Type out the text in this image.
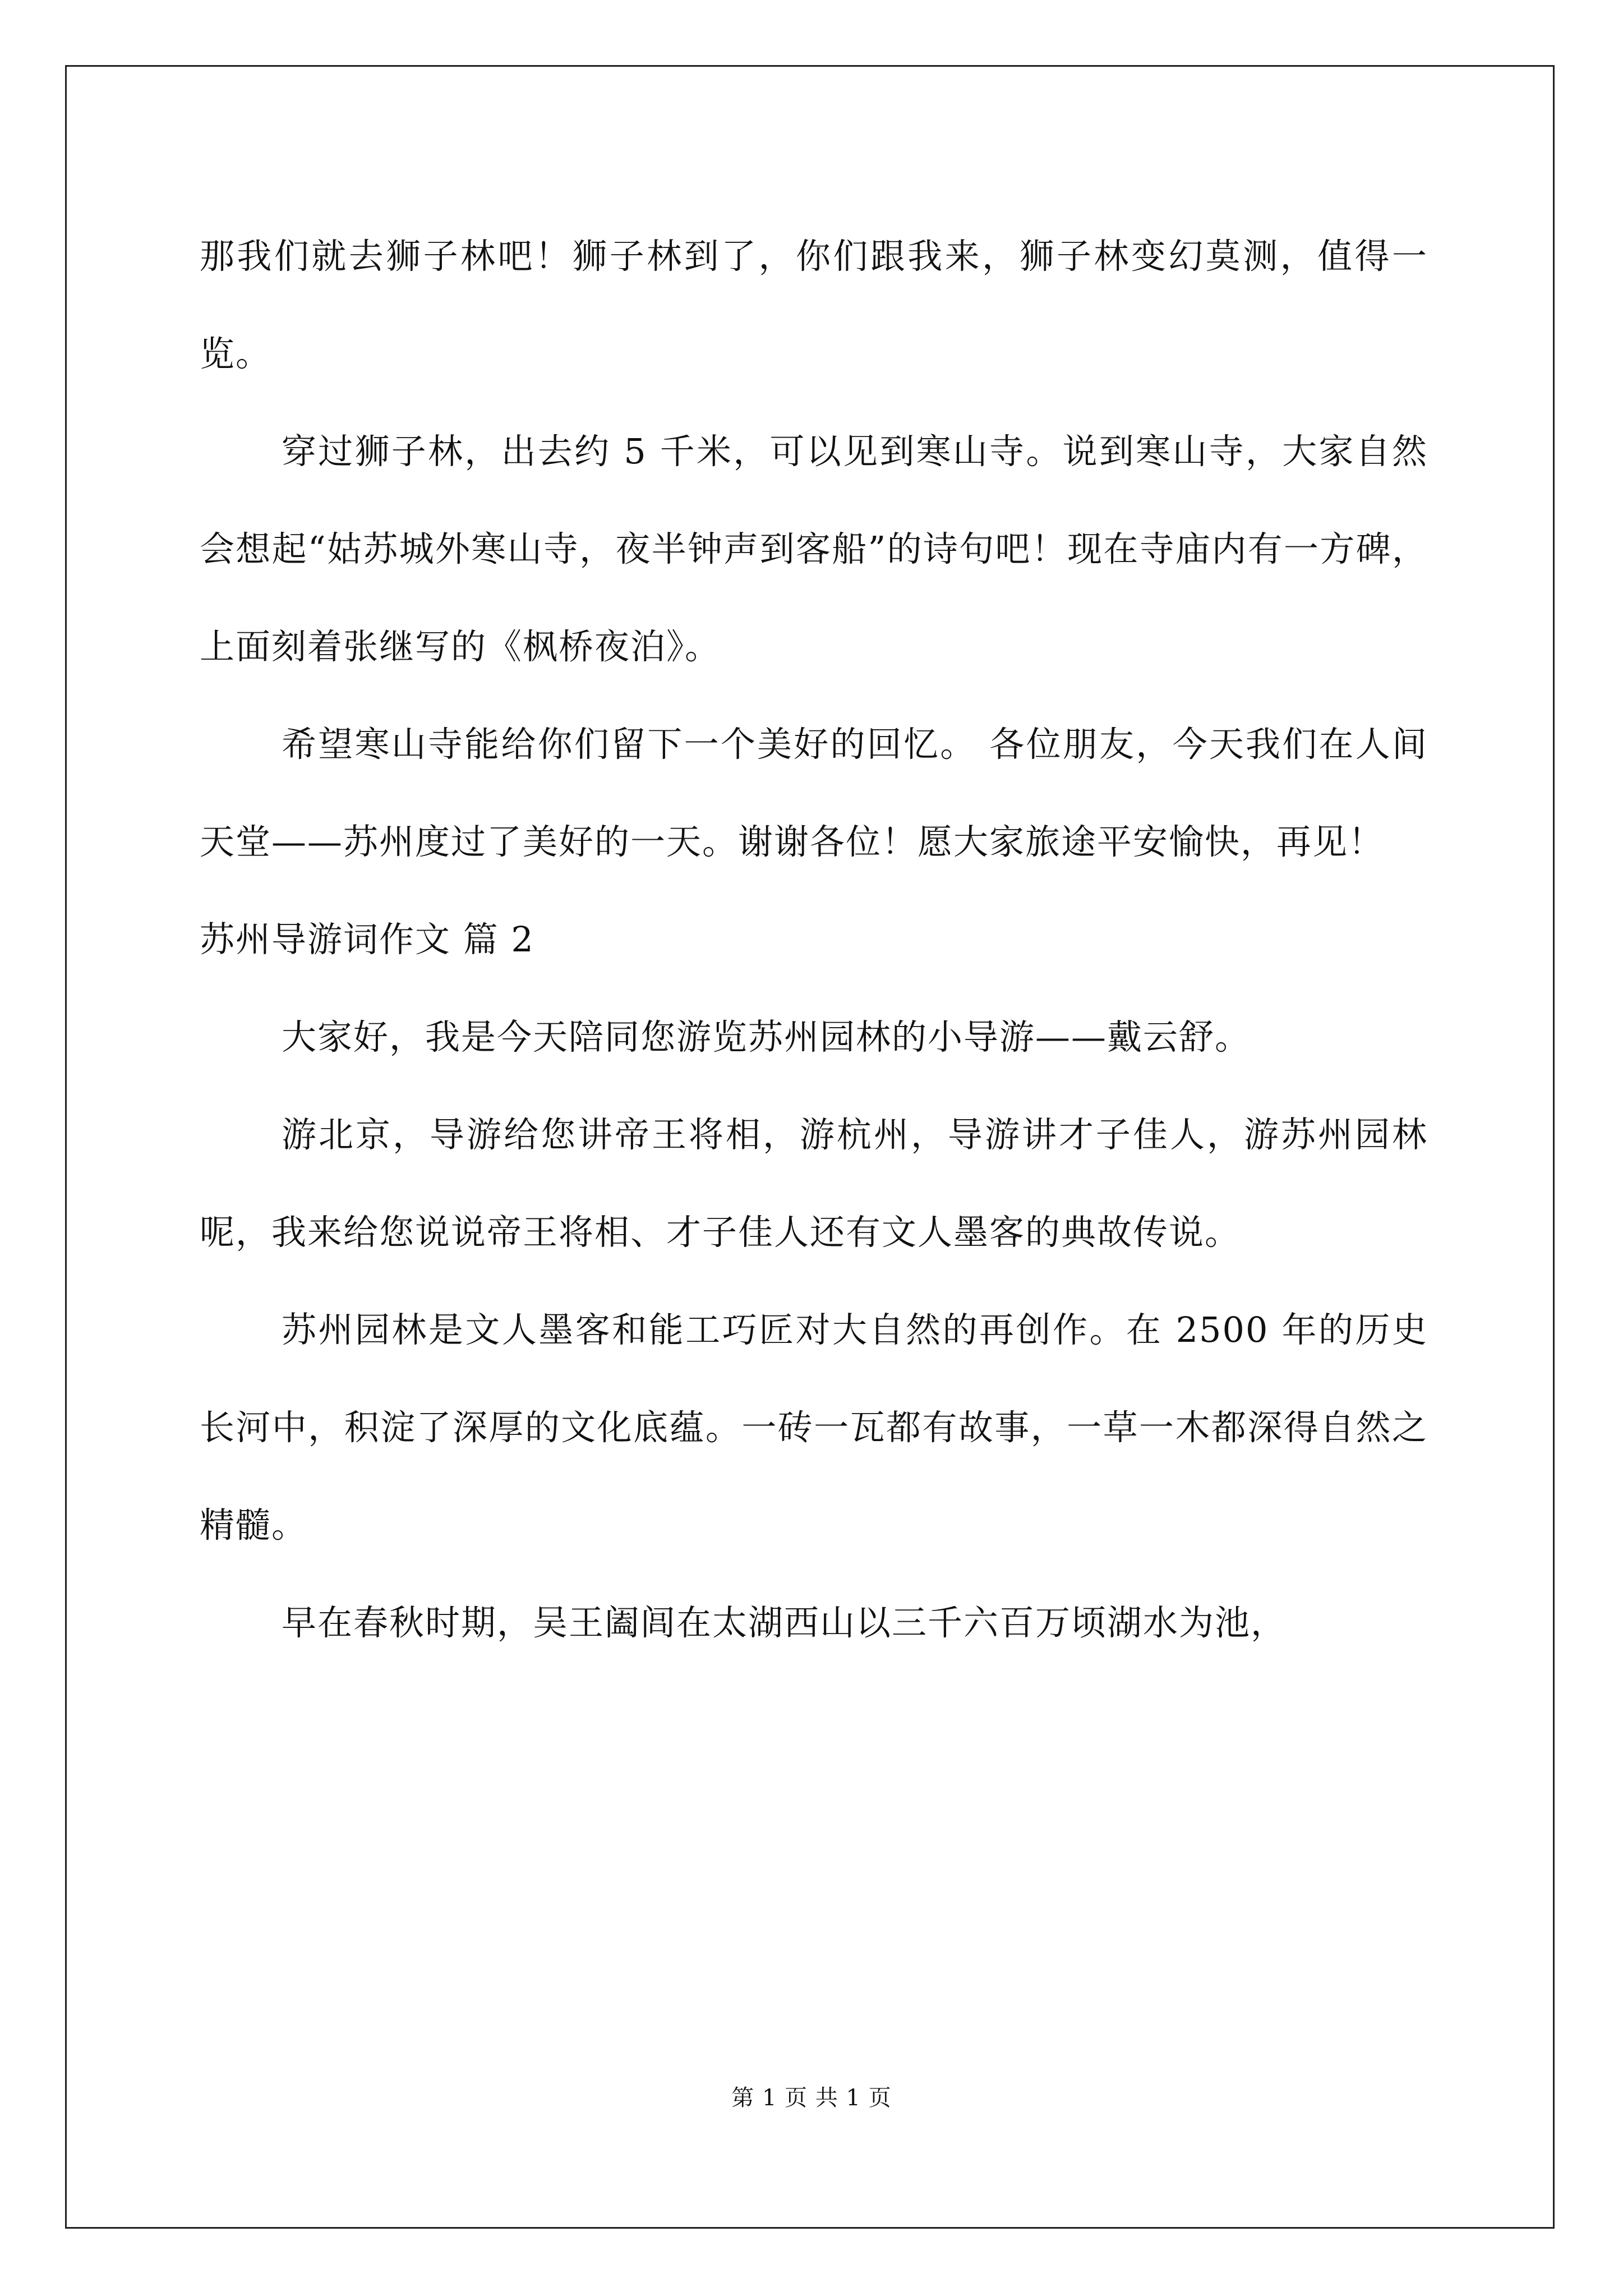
那我们就去狮子林吧！狮子林到了，你们跟我来，狮子林变幻莫测，值得一览。

穿过狮子林，出去约 5 千米，可以见到寒山寺。说到寒山寺，大家自然会想起“姑苏城外寒山寺，夜半钟声到客船”的诗句吧！现在寺庙内有一方碑，上面刻着张继写的《枫桥夜泊》。

希望寒山寺能给你们留下一个美好的回忆。 各位朋友，今天我们在人间天堂——苏州度过了美好的一天。谢谢各位！愿大家旅途平安愉快，再见！

苏州导游词作文 篇 2

大家好，我是今天陪同您游览苏州园林的小导游——戴云舒。

游北京，导游给您讲帝王将相，游杭州，导游讲才子佳人，游苏州园林呢，我来给您说说帝王将相、才子佳人还有文人墨客的典故传说。

苏州园林是文人墨客和能工巧匠对大自然的再创作。在 2500 年的历史长河中，积淀了深厚的文化底蕴。一砖一瓦都有故事，一草一木都深得自然之精髓。

早在春秋时期，吴王阖闾在太湖西山以三千六百万顷湖水为池，

第 1 页 共 1 页
